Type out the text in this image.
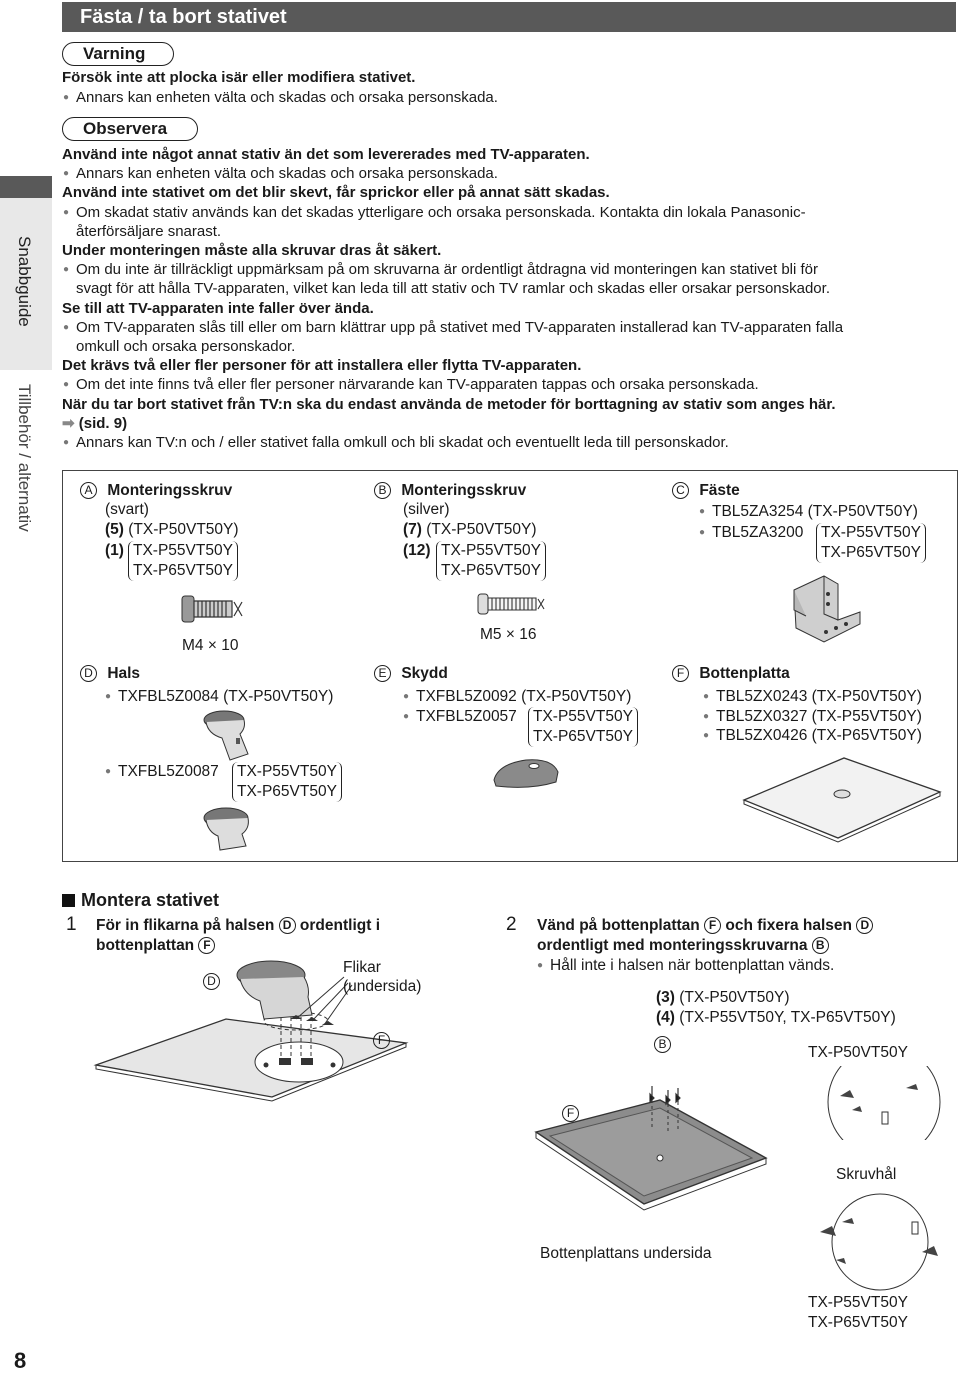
Snabbguide
Tillbehör / alternativ
8
Fästa / ta bort stativet
Varning
Försök inte att plocka isär eller modifiera stativet.
● Annars kan enheten välta och skadas och orsaka personskada.
Observera
Använd inte något annat stativ än det som levererades med TV-apparaten.
● Annars kan enheten välta och skadas och orsaka personskada.
Använd inte stativet om det blir skevt, får sprickor eller på annat sätt skadas.
● Om skadat stativ används kan det skadas ytterligare och orsaka personskada. Kontakta din lokala Panasonic-
återförsäljare snarast.
Under monteringen måste alla skruvar dras åt säkert.
● Om du inte är tillräckligt uppmärksam på om skruvarna är ordentligt åtdragna vid monteringen kan stativet bli för
svagt för att hålla TV-apparaten, vilket kan leda till att stativ och TV ramlar och skadas eller orsakar personskador.
Se till att TV-apparaten inte faller över ända.
● Om TV-apparaten slås till eller om barn klättrar upp på stativet med TV-apparaten installerad kan TV-apparaten falla
omkull och orsaka personskador.
Det krävs två eller fler personer för att installera eller flytta TV-apparaten.
● Om det inte finns två eller fler personer närvarande kan TV-apparaten tappas och orsaka personskada.
När du tar bort stativet från TV:n ska du endast använda de metoder för borttagning av stativ som anges här.
➡ (sid. 9)
● Annars kan TV:n och / eller stativet falla omkull och bli skadat och eventuellt leda till personskador.
A Monteringsskruv
(svart)
(5) (TX-P50VT50Y)
(1) TX-P55VT50Y
TX-P65VT50Y
M4 × 10
B Monteringsskruv
(silver)
(7) (TX-P50VT50Y)
(12) TX-P55VT50Y
TX-P65VT50Y
M5 × 16
C Fäste
● TBL5ZA3254 (TX-P50VT50Y)
● TBL5ZA3200 TX-P55VT50Y
TX-P65VT50Y
D Hals
● TXFBL5Z0084 (TX-P50VT50Y)
● TXFBL5Z0087 TX-P55VT50Y
TX-P65VT50Y
E Skydd
● TXFBL5Z0092 (TX-P50VT50Y)
● TXFBL5Z0057 TX-P55VT50Y
TX-P65VT50Y
F Bottenplatta
● TBL5ZX0243 (TX-P50VT50Y)
● TBL5ZX0327 (TX-P55VT50Y)
● TBL5ZX0426 (TX-P65VT50Y)
Montera stativet
1 För in flikarna på halsen D ordentligt i
bottenplattan F
D
Flikar
(undersida)
F
2 Vänd på bottenplattan F och fixera halsen D
ordentligt med monteringsskruvarna B
● Håll inte i halsen när bottenplattan vänds.
(3) (TX-P50VT50Y)
(4) (TX-P55VT50Y, TX-P65VT50Y)
B	TX-P50VT50Y
F
Skruvhål
Bottenplattans undersida
TX-P55VT50Y
TX-P65VT50Y
